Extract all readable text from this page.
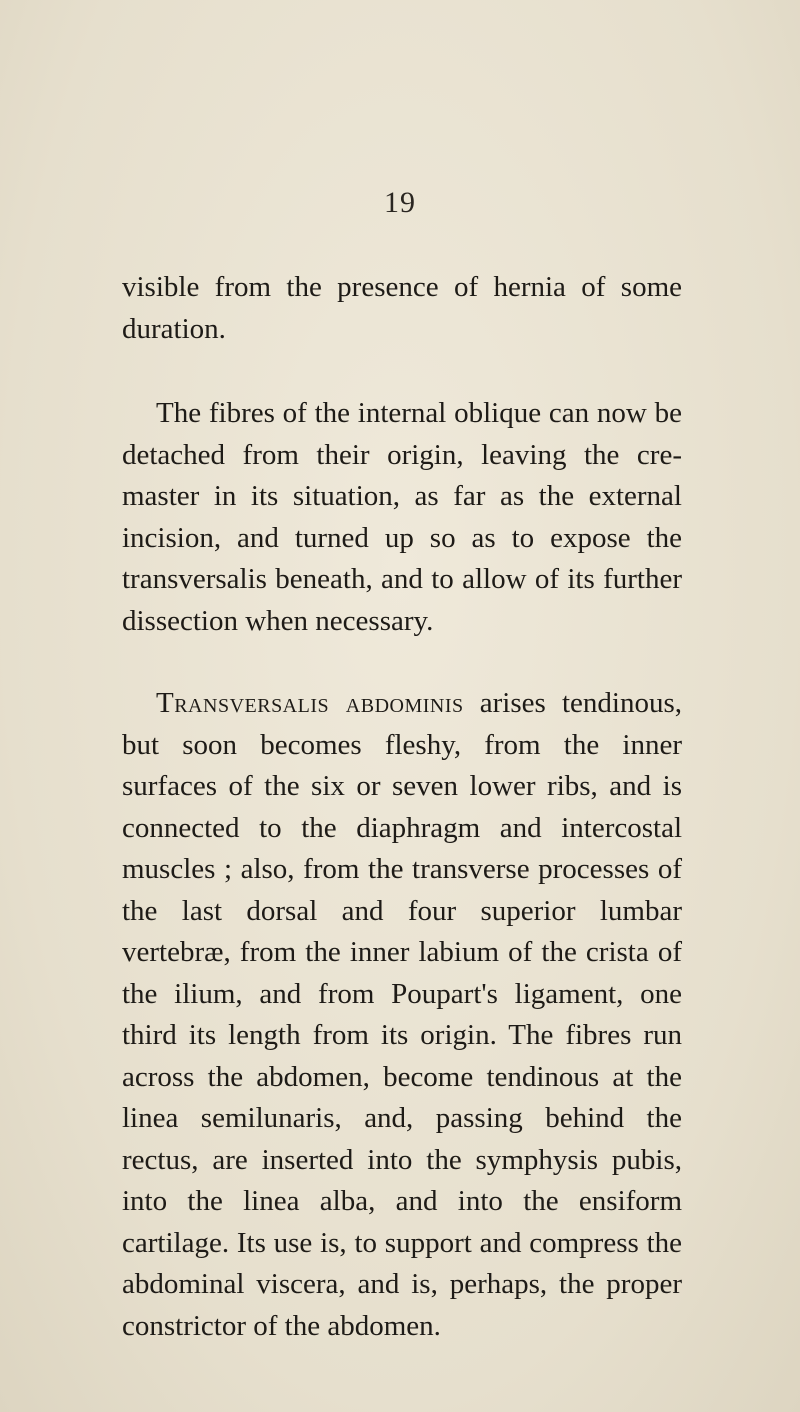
19

visible from the presence of hernia of some duration.

The fibres of the internal oblique can now be detached from their origin, leaving the cremaster in its situation, as far as the external incision, and turned up so as to expose the transversalis beneath, and to allow of its further dissection when necessary.

Transversalis abdominis arises tendinous, but soon becomes fleshy, from the inner surfaces of the six or seven lower ribs, and is connected to the diaphragm and intercostal muscles ; also, from the transverse processes of the last dorsal and four superior lumbar vertebræ, from the inner labium of the crista of the ilium, and from Poupart's ligament, one third its length from its origin. The fibres run across the abdomen, become tendinous at the linea semilunaris, and, passing behind the rectus, are inserted into the symphysis pubis, into the linea alba, and into the ensiform cartilage. Its use is, to support and compress the abdominal viscera, and is, perhaps, the proper constrictor of the abdomen.
